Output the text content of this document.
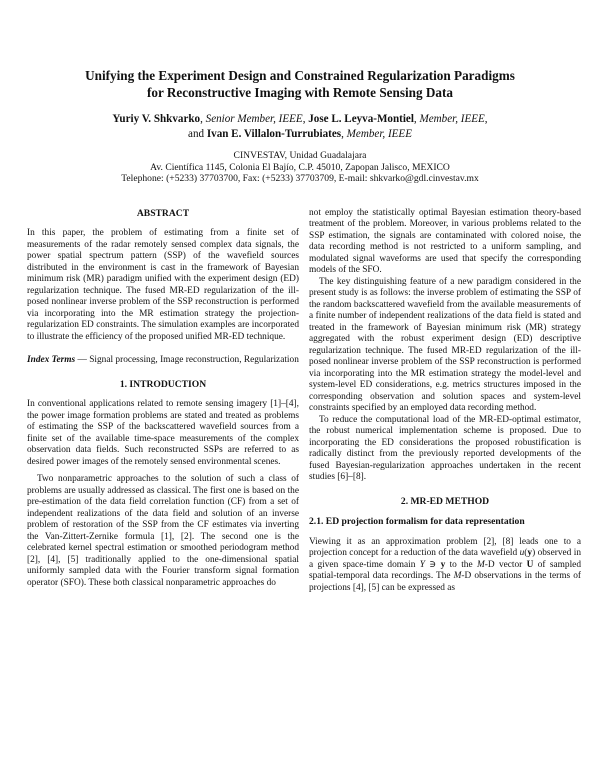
Unifying the Experiment Design and Constrained Regularization Paradigms
for Reconstructive Imaging with Remote Sensing Data
Yuriy V. Shkvarko, Senior Member, IEEE, Jose L. Leyva-Montiel, Member, IEEE,
and Ivan E. Villalon-Turrubiates, Member, IEEE
CINVESTAV, Unidad Guadalajara
Av. Científica 1145, Colonia El Bajío, C.P. 45010, Zapopan Jalisco, MEXICO
Telephone: (+5233) 37703700, Fax: (+5233) 37703709, E-mail: shkvarko@gdl.cinvestav.mx

ABSTRACT

In this paper, the problem of estimating from a finite set of measurements of the radar remotely sensed complex data signals, the power spatial spectrum pattern (SSP) of the wavefield sources distributed in the environment is cast in the framework of Bayesian minimum risk (MR) paradigm unified with the experiment design (ED) regularization technique. The fused MR-ED regularization of the ill-posed nonlinear inverse problem of the SSP reconstruction is performed via incorporating into the MR estimation strategy the projection-regularization ED constraints. The simulation examples are incorporated to illustrate the efficiency of the proposed unified MR-ED technique.

Index Terms — Signal processing, Image reconstruction, Regularization

1. INTRODUCTION

In conventional applications related to remote sensing imagery [1]–[4], the power image formation problems are stated and treated as problems of estimating the SSP of the backscattered wavefield sources from a finite set of the available time-space measurements of the complex observation data fields. Such reconstructed SSPs are referred to as desired power images of the remotely sensed environmental scenes.

Two nonparametric approaches to the solution of such a class of problems are usually addressed as classical. The first one is based on the pre-estimation of the data field correlation function (CF) from a set of independent realizations of the data field and solution of an inverse problem of restoration of the SSP from the CF estimates via inverting the Van-Zittert-Zernike formula [1], [2]. The second one is the celebrated kernel spectral estimation or smoothed periodogram method [2], [4], [5] traditionally applied to the one-dimensional spatial uniformly sampled data with the Fourier transform signal formation operator (SFO). These both classical nonparametric approaches do

not employ the statistically optimal Bayesian estimation theory-based treatment of the problem. Moreover, in various problems related to the SSP estimation, the signals are contaminated with colored noise, the data recording method is not restricted to a uniform sampling, and modulated signal waveforms are used that specify the corresponding models of the SFO.

The key distinguishing feature of a new paradigm considered in the present study is as follows: the inverse problem of estimating the SSP of the random backscattered wavefield from the available measurements of a finite number of independent realizations of the data field is stated and treated in the framework of Bayesian minimum risk (MR) strategy aggregated with the robust experiment design (ED) descriptive regularization technique. The fused MR-ED regularization of the ill-posed nonlinear inverse problem of the SSP reconstruction is performed via incorporating into the MR estimation strategy the model-level and system-level ED considerations, e.g. metrics structures imposed in the corresponding observation and solution spaces and system-level constraints specified by an employed data recording method.

To reduce the computational load of the MR-ED-optimal estimator, the robust numerical implementation scheme is proposed. Due to incorporating the ED considerations the proposed robustification is radically distinct from the previously reported developments of the fused Bayesian-regularization approaches undertaken in the recent studies [6]–[8].

2. MR-ED METHOD

2.1. ED projection formalism for data representation

Viewing it as an approximation problem [2], [8] leads one to a projection concept for a reduction of the data wavefield u(y) observed in a given space-time domain Y ∋ y to the M-D vector U of sampled spatial-temporal data recordings. The M-D observations in the terms of projections [4], [5] can be expressed as
